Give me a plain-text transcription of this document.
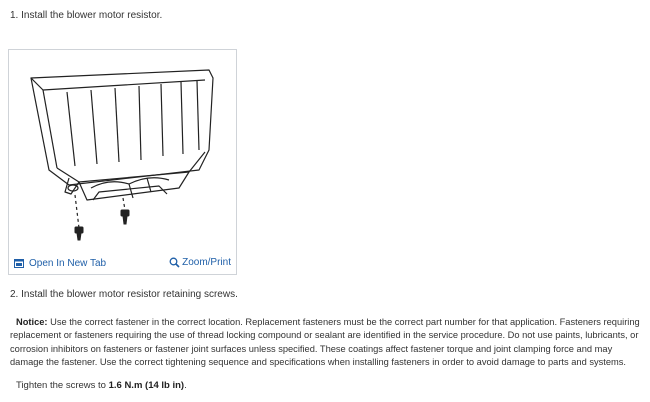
1. Install the blower motor resistor.
Open In New Tab	Zoom/Print
2. Install the blower motor resistor retaining screws.
Notice: Use the correct fastener in the correct location. Replacement fasteners must be the correct part number for that application. Fasteners requiring replacement or fasteners requiring the use of thread locking compound or sealant are identified in the service procedure. Do not use paints, lubricants, or corrosion inhibitors on fasteners or fastener joint surfaces unless specified. These coatings affect fastener torque and joint clamping force and may damage the fastener. Use the correct tightening sequence and specifications when installing fasteners in order to avoid damage to parts and systems.
Tighten the screws to 1.6 N.m (14 lb in).
